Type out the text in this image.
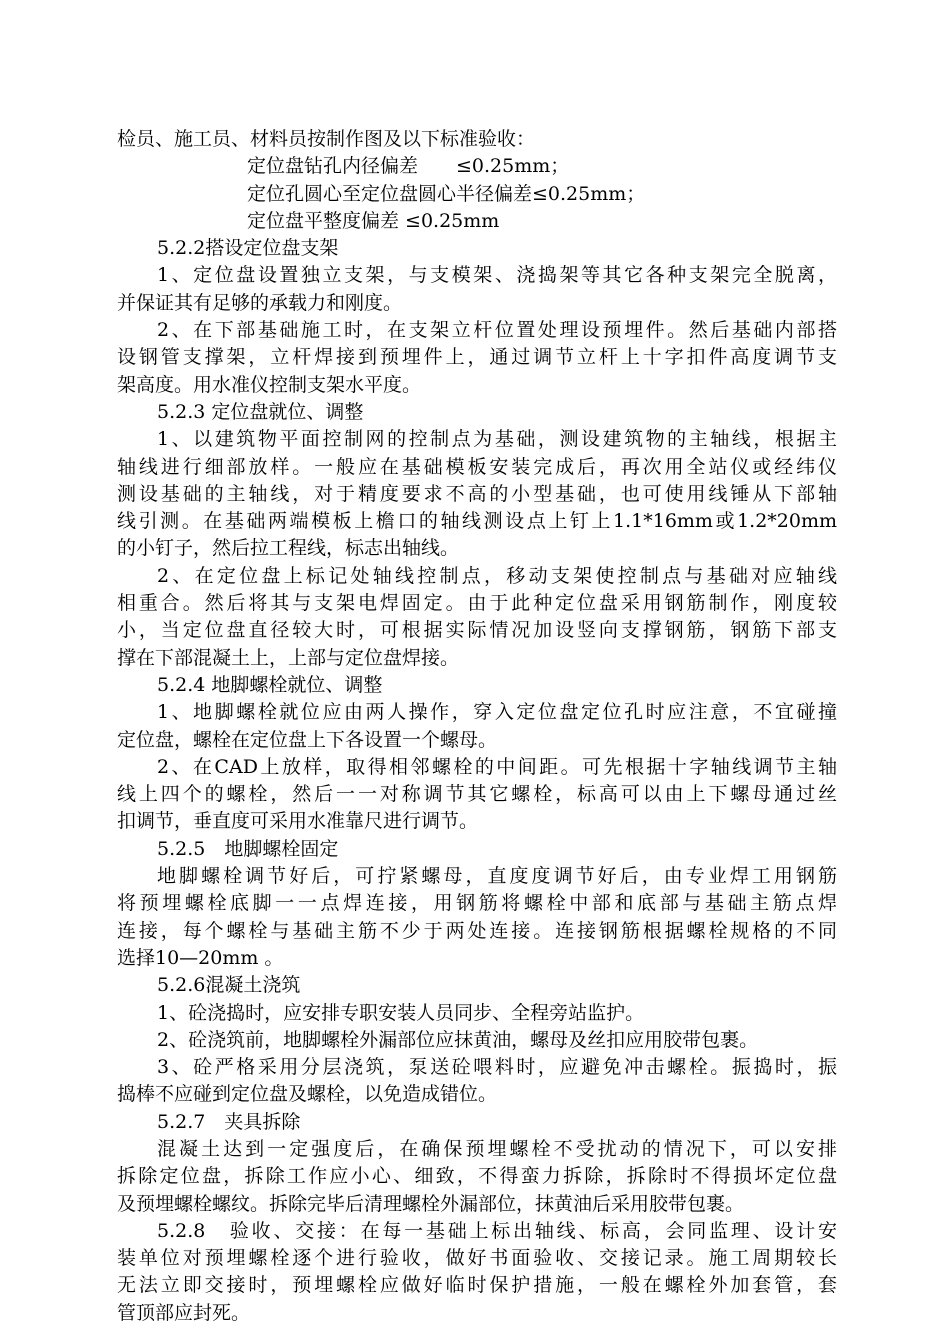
检员、施工员、材料员按制作图及以下标准验收：
定位盘钻孔内径偏差　　≤0.25mm；
定位孔圆心至定位盘圆心半径偏差≤0.25mm；
定位盘平整度偏差 ≤0.25mm
5.2.2搭设定位盘支架
1、定位盘设置独立支架，与支模架、浇捣架等其它各种支架完全脱离，
并保证其有足够的承载力和刚度。
2、在下部基础施工时，在支架立杆位置处理设预埋件。然后基础内部搭
设钢管支撑架，立杆焊接到预埋件上，通过调节立杆上十字扣件高度调节支
架高度。用水准仪控制支架水平度。
5.2.3 定位盘就位、调整
1、以建筑物平面控制网的控制点为基础，测设建筑物的主轴线，根据主
轴线进行细部放样。一般应在基础模板安装完成后，再次用全站仪或经纬仪
测设基础的主轴线，对于精度要求不高的小型基础，也可使用线锤从下部轴
线引测。在基础两端模板上檐口的轴线测设点上钉上1.1*16mm或1.2*20mm
的小钉子，然后拉工程线，标志出轴线。
2、在定位盘上标记处轴线控制点，移动支架使控制点与基础对应轴线
相重合。然后将其与支架电焊固定。由于此种定位盘采用钢筋制作，刚度较
小，当定位盘直径较大时，可根据实际情况加设竖向支撑钢筋，钢筋下部支
撑在下部混凝土上，上部与定位盘焊接。
5.2.4 地脚螺栓就位、调整
1、地脚螺栓就位应由两人操作，穿入定位盘定位孔时应注意，不宜碰撞
定位盘，螺栓在定位盘上下各设置一个螺母。
2、在CAD上放样，取得相邻螺栓的中间距。可先根据十字轴线调节主轴
线上四个的螺栓，然后一一对称调节其它螺栓，标高可以由上下螺母通过丝
扣调节，垂直度可采用水准靠尺进行调节。
5.2.5　地脚螺栓固定
地脚螺栓调节好后，可拧紧螺母，直度度调节好后，由专业焊工用钢筋
将预埋螺栓底脚一一点焊连接，用钢筋将螺栓中部和底部与基础主筋点焊
连接，每个螺栓与基础主筋不少于两处连接。连接钢筋根据螺栓规格的不同
选择10—20mm 。
5.2.6混凝土浇筑
1、砼浇捣时，应安排专职安装人员同步、全程旁站监护。
2、砼浇筑前，地脚螺栓外漏部位应抹黄油，螺母及丝扣应用胶带包裹。
3、砼严格采用分层浇筑，泵送砼喂料时，应避免冲击螺栓。振捣时，振
捣棒不应碰到定位盘及螺栓，以免造成错位。
5.2.7　夹具拆除
混凝土达到一定强度后，在确保预埋螺栓不受扰动的情况下，可以安排
拆除定位盘，拆除工作应小心、细致，不得蛮力拆除，拆除时不得损坏定位盘
及预埋螺栓螺纹。拆除完毕后清理螺栓外漏部位，抹黄油后采用胶带包裹。
5.2.8　验收、交接：在每一基础上标出轴线、标高，会同监理、设计安
装单位对预埋螺栓逐个进行验收，做好书面验收、交接记录。施工周期较长
无法立即交接时，预埋螺栓应做好临时保护措施，一般在螺栓外加套管，套
管顶部应封死。
